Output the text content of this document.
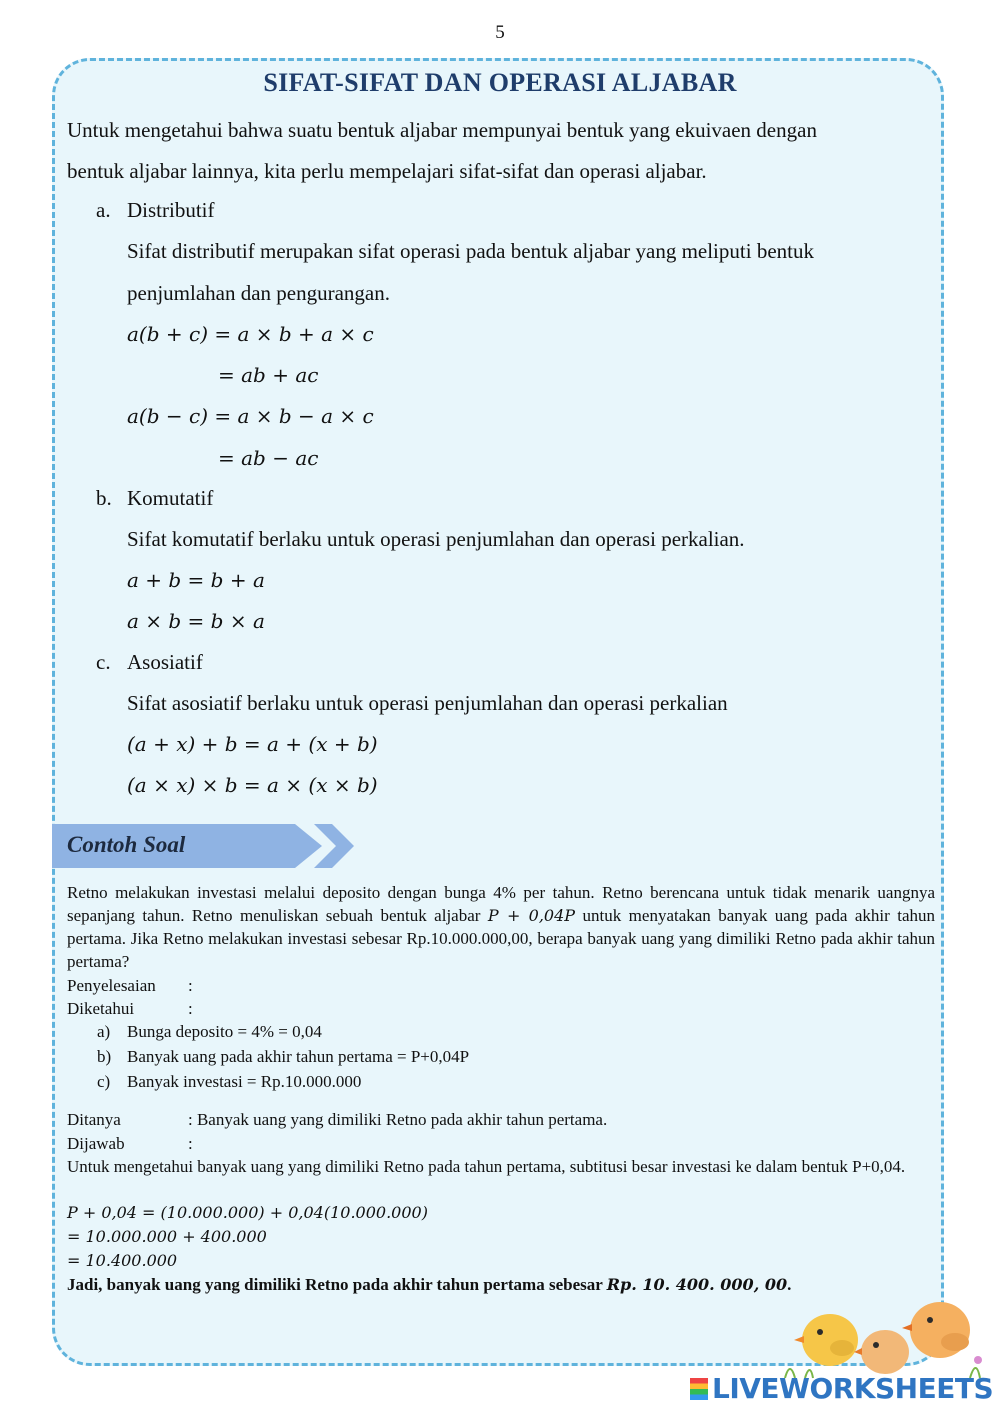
5
SIFAT-SIFAT DAN OPERASI ALJABAR

Untuk mengetahui bahwa suatu bentuk aljabar mempunyai bentuk yang ekuivaen dengan

bentuk aljabar lainnya, kita perlu mempelajari sifat-sifat dan operasi aljabar.

a. Distributif
Sifat distributif merupakan sifat operasi pada bentuk aljabar yang meliputi bentuk
penjumlahan dan pengurangan.
a(b + c) = a × b + a × c
= ab + ac
a(b − c) = a × b − a × c
= ab − ac
b. Komutatif
Sifat komutatif berlaku untuk operasi penjumlahan dan operasi perkalian.
a + b = b + a
a × b = b × a
c. Asosiatif
Sifat asosiatif berlaku untuk operasi penjumlahan dan operasi perkalian
(a + x) + b = a + (x + b)
(a × x) × b = a × (x × b)
Contoh Soal
Retno melakukan investasi melalui deposito dengan bunga 4% per tahun. Retno berencana untuk tidak menarik uangnya sepanjang tahun. Retno menuliskan sebuah bentuk aljabar P + 0,04P untuk menyatakan banyak uang pada akhir tahun pertama. Jika Retno melakukan investasi sebesar Rp.10.000.000,00, berapa banyak uang yang dimiliki Retno pada akhir tahun pertama?
Penyelesaian :
Diketahui	:
a) Bunga deposito = 4% = 0,04
b) Banyak uang pada akhir tahun pertama = P+0,04P
c) Banyak investasi = Rp.10.000.000
Ditanya	: Banyak uang yang dimiliki Retno pada akhir tahun pertama.
Dijawab	:
Untuk mengetahui banyak uang yang dimiliki Retno pada tahun pertama, subtitusi besar investasi ke dalam bentuk P+0,04.
P + 0,04 = (10.000.000) + 0,04(10.000.000)
= 10.000.000 + 400.000
= 10.400.000
Jadi, banyak uang yang dimiliki Retno pada akhir tahun pertama sebesar Rp. 10. 400. 000, 00.
LIVEWORKSHEETS
